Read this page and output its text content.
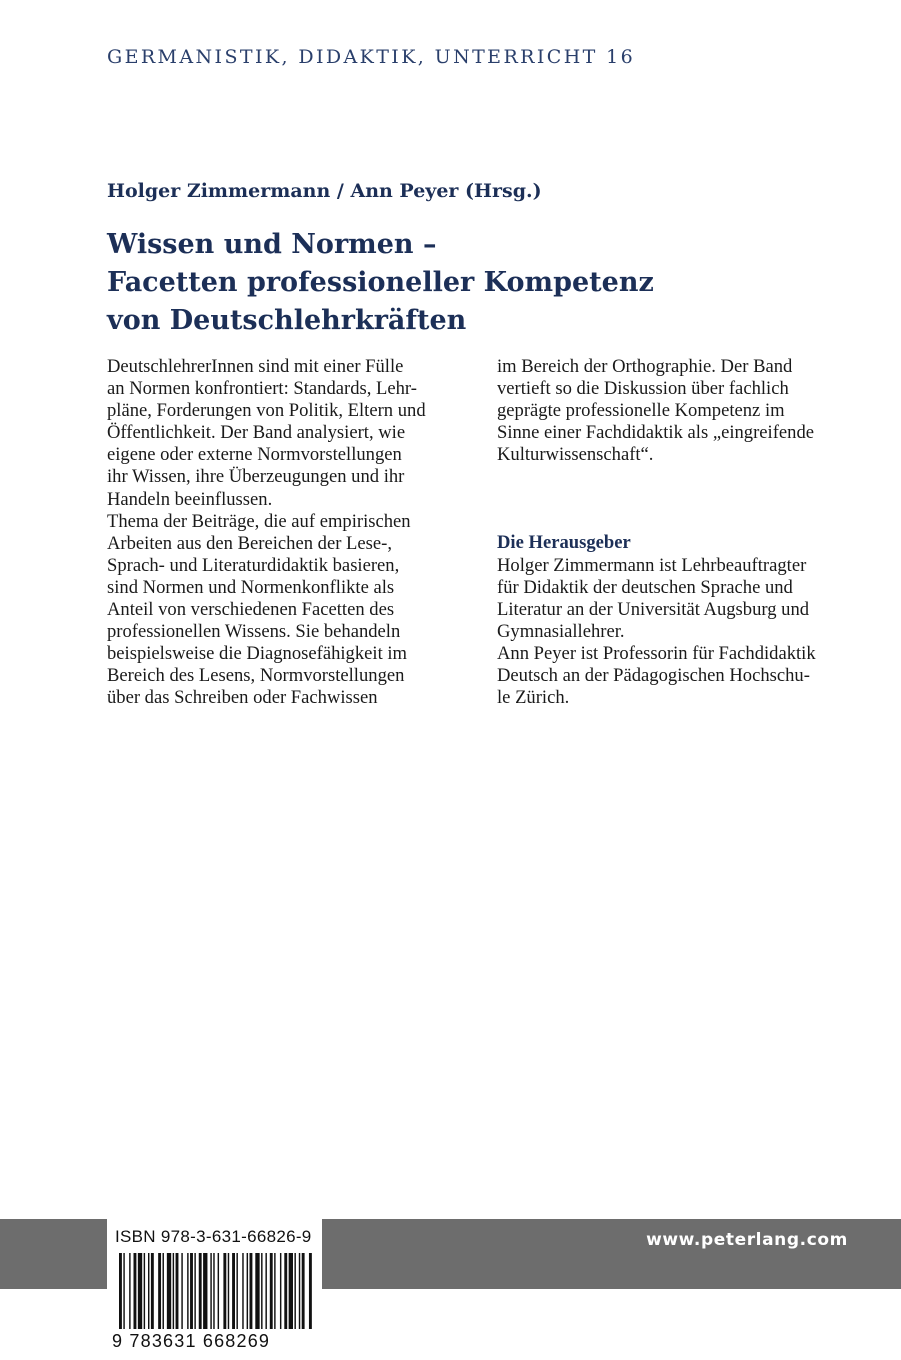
GERMANISTIK, DIDAKTIK, UNTERRICHT 16
Holger Zimmermann / Ann Peyer (Hrsg.)
Wissen und Normen –
Facetten professioneller Kompetenz
von Deutschlehrkräften
DeutschlehrerInnen sind mit einer Fülle
an Normen konfrontiert: Standards, Lehr-
pläne, Forderungen von Politik, Eltern und
Öffentlichkeit. Der Band analysiert, wie
eigene oder externe Normvorstellungen
ihr Wissen, ihre Überzeugungen und ihr
Handeln beeinflussen.
Thema der Beiträge, die auf empirischen
Arbeiten aus den Bereichen der Lese-,
Sprach- und Literaturdidaktik basieren,
sind Normen und Normenkonflikte als
Anteil von verschiedenen Facetten des
professionellen Wissens. Sie behandeln
beispielsweise die Diagnosefähigkeit im
Bereich des Lesens, Normvorstellungen
über das Schreiben oder Fachwissen
im Bereich der Orthographie. Der Band
vertieft so die Diskussion über fachlich
geprägte professionelle Kompetenz im
Sinne einer Fachdidaktik als „eingreifende
Kulturwissenschaft“.
Die Herausgeber
Holger Zimmermann ist Lehrbeauftragter
für Didaktik der deutschen Sprache und
Literatur an der Universität Augsburg und
Gymnasiallehrer.
Ann Peyer ist Professorin für Fachdidaktik
Deutsch an der Pädagogischen Hochschu-
le Zürich.
www.peterlang.com
ISBN 978-3-631-66826-9
9 783631 668269
